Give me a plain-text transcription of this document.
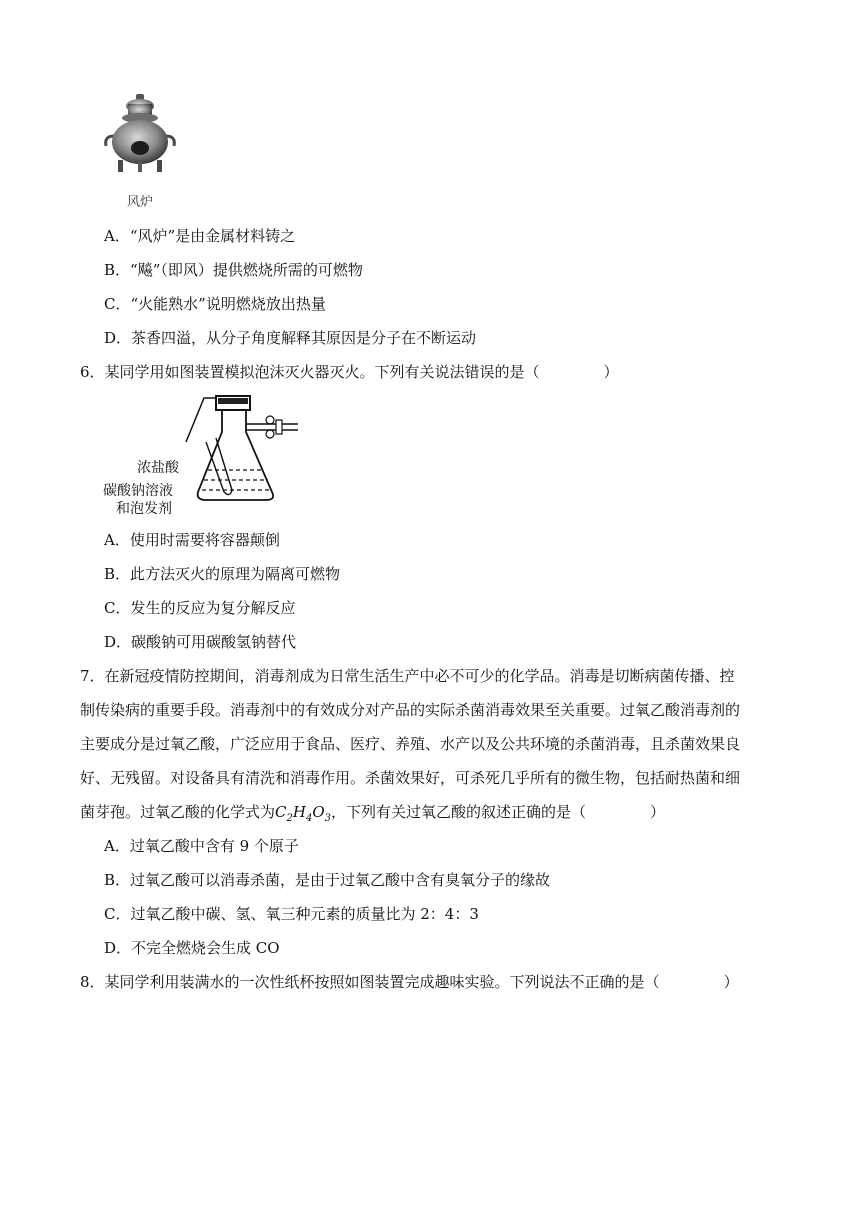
风炉
A．“风炉”是由金属材料铸之
B．“飚”（即风）提供燃烧所需的可燃物
C．“火能熟水”说明燃烧放出热量
D．茶香四溢，从分子角度解释其原因是分子在不断运动
6．某同学用如图装置模拟泡沫灭火器灭火。下列有关说法错误的是（	）
浓盐酸
碳酸钠溶液
和泡发剂
A．使用时需要将容器颠倒
B．此方法灭火的原理为隔离可燃物
C．发生的反应为复分解反应
D．碳酸钠可用碳酸氢钠替代
7．在新冠疫情防控期间，消毒剂成为日常生活生产中必不可少的化学品。消毒是切断病菌传播、控
制传染病的重要手段。消毒剂中的有效成分对产品的实际杀菌消毒效果至关重要。过氧乙酸消毒剂的
主要成分是过氧乙酸，广泛应用于食品、医疗、养殖、水产以及公共环境的杀菌消毒，且杀菌效果良
好、无残留。对设备具有清洗和消毒作用。杀菌效果好，可杀死几乎所有的微生物，包括耐热菌和细
菌芽孢。过氧乙酸的化学式为$C_2H_4O_3$，下列有关过氧乙酸的叙述正确的是（	）
A．过氧乙酸中含有 9 个原子
B．过氧乙酸可以消毒杀菌，是由于过氧乙酸中含有臭氧分子的缘故
C．过氧乙酸中碳、氢、氧三种元素的质量比为 2：4：3
D．不完全燃烧会生成 CO
8．某同学利用装满水的一次性纸杯按照如图装置完成趣味实验。下列说法不正确的是（	）
